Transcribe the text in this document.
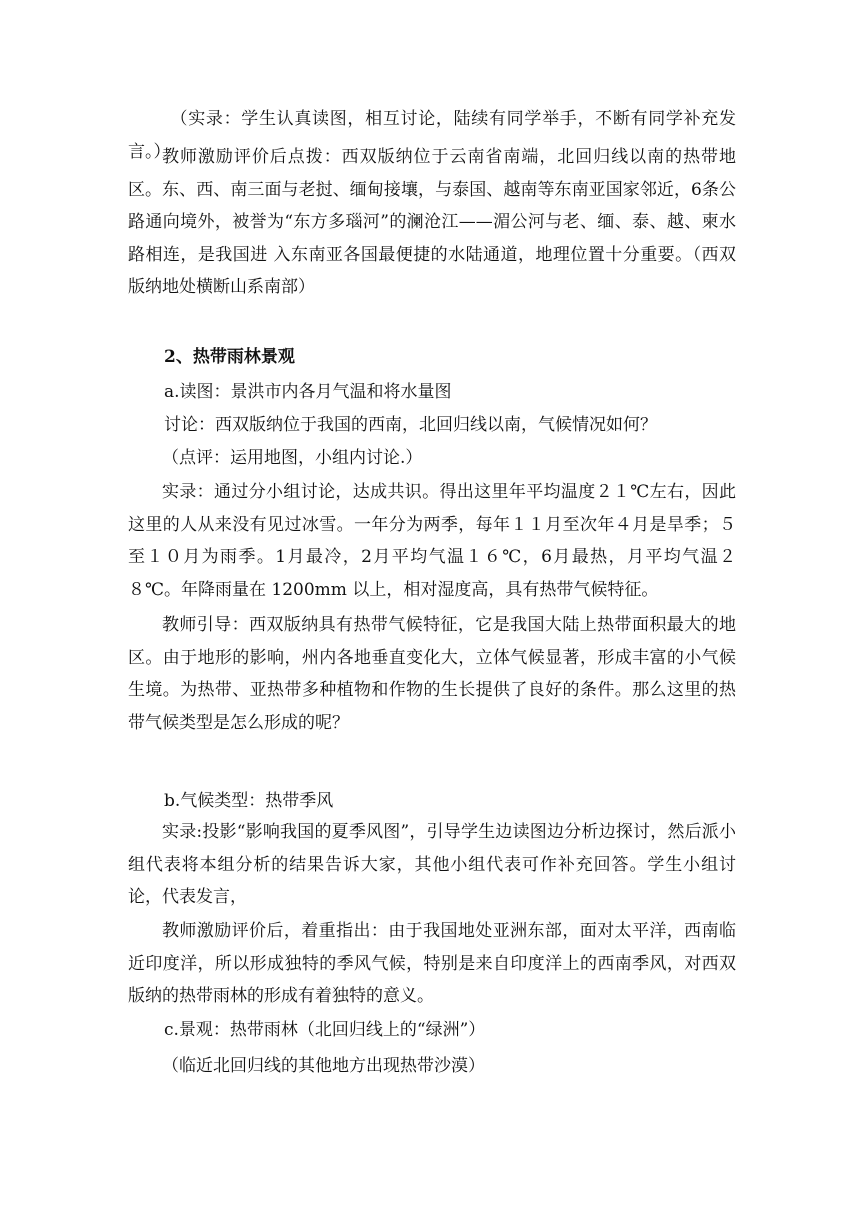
（实录：学生认真读图，相互讨论，陆续有同学举手，不断有同学补充发言。）

教师激励评价后点拨：西双版纳位于云南省南端，北回归线以南的热带地区。东、西、南三面与老挝、缅甸接壤，与泰国、越南等东南亚国家邻近，6条公路通向境外，被誉为“东方多瑙河”的澜沧江——湄公河与老、缅、泰、越、柬水路相连，是我国进 入东南亚各国最便捷的水陆通道，地理位置十分重要。（西双版纳地处横断山系南部）

2、热带雨林景观

a.读图：景洪市内各月气温和将水量图

讨论：西双版纳位于我国的西南，北回归线以南，气候情况如何？

（点评：运用地图，小组内讨论.）

实录：通过分小组讨论，达成共识。得出这里年平均温度２１℃左右，因此这里的人从来没有见过冰雪。一年分为两季，每年１１月至次年４月是旱季；５至１０月为雨季。1月最冷，2月平均气温１６℃，6月最热，月平均气温２８℃。年降雨量在 1200mm 以上，相对湿度高，具有热带气候特征。

教师引导：西双版纳具有热带气候特征，它是我国大陆上热带面积最大的地区。由于地形的影响，州内各地垂直变化大，立体气候显著，形成丰富的小气候生境。为热带、亚热带多种植物和作物的生长提供了良好的条件。那么这里的热带气候类型是怎么形成的呢？

b.气候类型：热带季风

实录:投影“影响我国的夏季风图”，引导学生边读图边分析边探讨，然后派小组代表将本组分析的结果告诉大家，其他小组代表可作补充回答。学生小组讨论，代表发言，

教师激励评价后，着重指出：由于我国地处亚洲东部，面对太平洋，西南临近印度洋，所以形成独特的季风气候，特别是来自印度洋上的西南季风，对西双版纳的热带雨林的形成有着独特的意义。

c.景观：热带雨林（北回归线上的“绿洲”）

（临近北回归线的其他地方出现热带沙漠）
